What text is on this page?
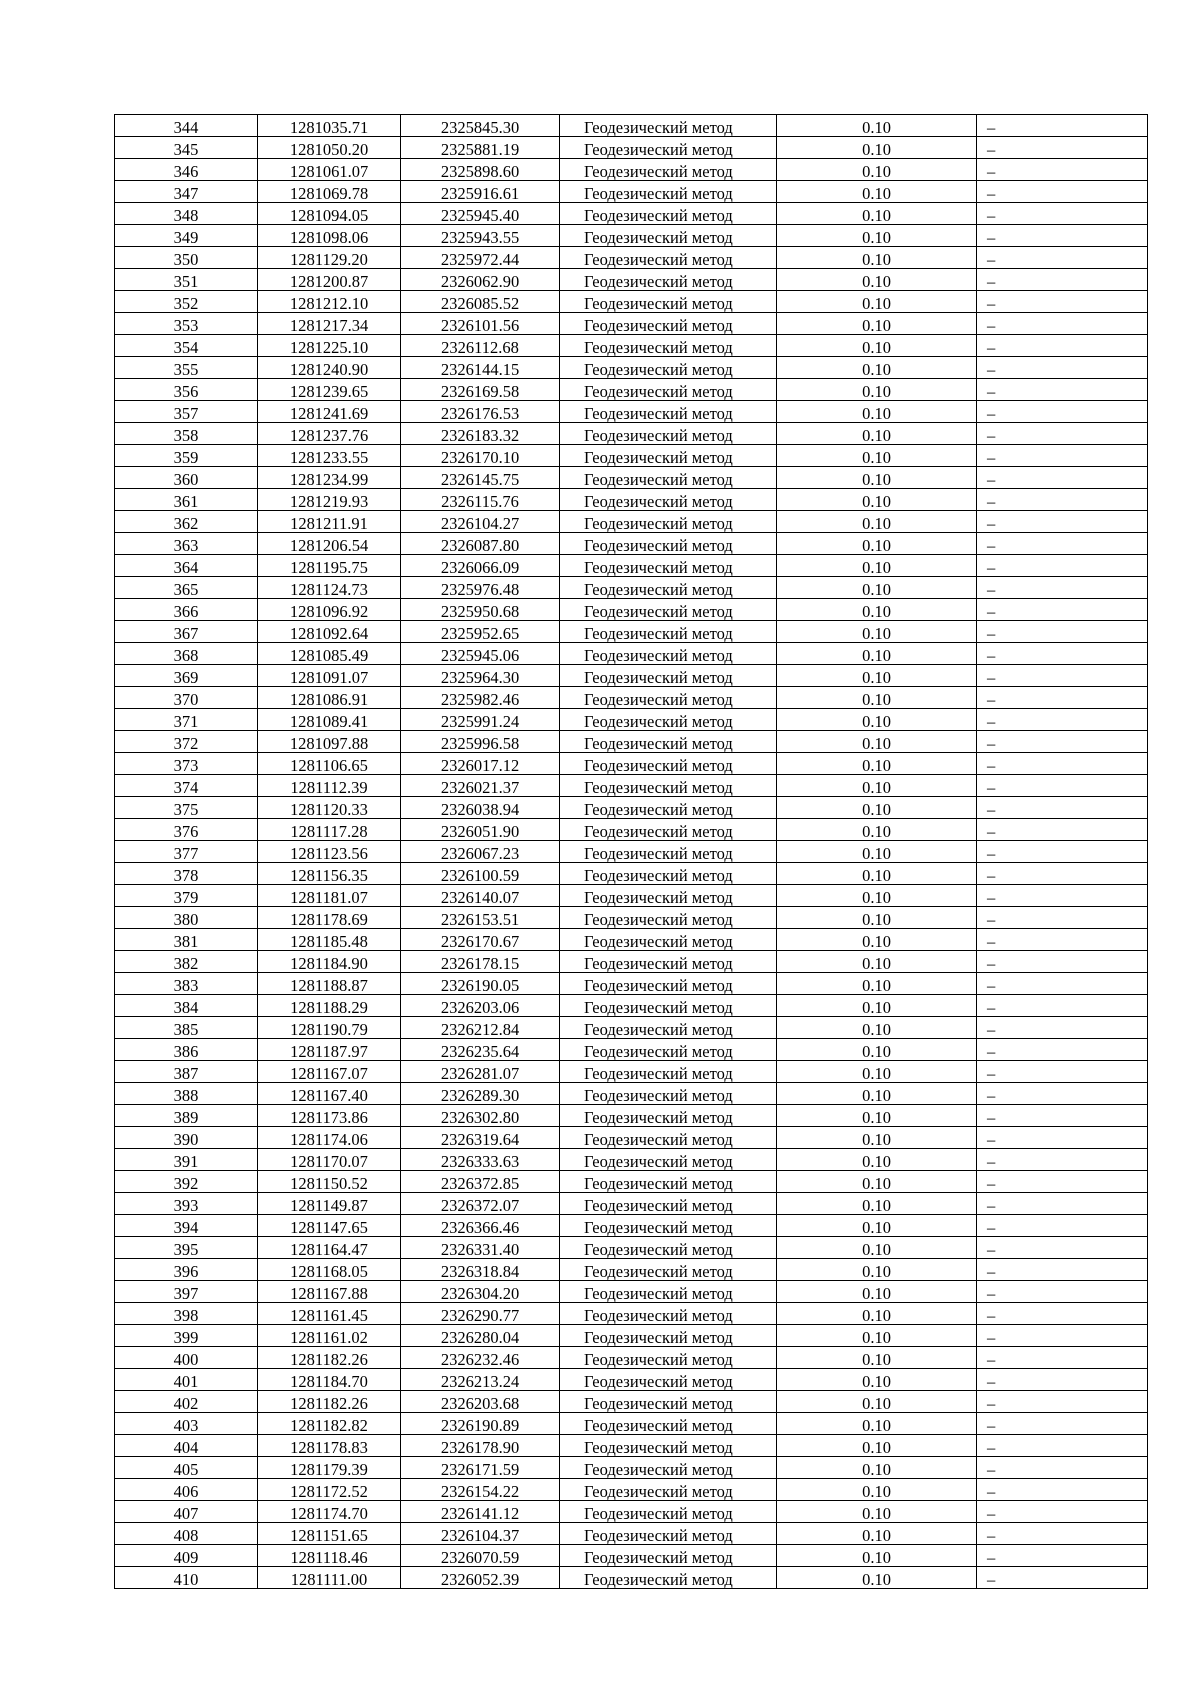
344	1281035.71	2325845.30	Геодезический метод	0.10	–
345	1281050.20	2325881.19	Геодезический метод	0.10	–
346	1281061.07	2325898.60	Геодезический метод	0.10	–
347	1281069.78	2325916.61	Геодезический метод	0.10	–
348	1281094.05	2325945.40	Геодезический метод	0.10	–
349	1281098.06	2325943.55	Геодезический метод	0.10	–
350	1281129.20	2325972.44	Геодезический метод	0.10	–
351	1281200.87	2326062.90	Геодезический метод	0.10	–
352	1281212.10	2326085.52	Геодезический метод	0.10	–
353	1281217.34	2326101.56	Геодезический метод	0.10	–
354	1281225.10	2326112.68	Геодезический метод	0.10	–
355	1281240.90	2326144.15	Геодезический метод	0.10	–
356	1281239.65	2326169.58	Геодезический метод	0.10	–
357	1281241.69	2326176.53	Геодезический метод	0.10	–
358	1281237.76	2326183.32	Геодезический метод	0.10	–
359	1281233.55	2326170.10	Геодезический метод	0.10	–
360	1281234.99	2326145.75	Геодезический метод	0.10	–
361	1281219.93	2326115.76	Геодезический метод	0.10	–
362	1281211.91	2326104.27	Геодезический метод	0.10	–
363	1281206.54	2326087.80	Геодезический метод	0.10	–
364	1281195.75	2326066.09	Геодезический метод	0.10	–
365	1281124.73	2325976.48	Геодезический метод	0.10	–
366	1281096.92	2325950.68	Геодезический метод	0.10	–
367	1281092.64	2325952.65	Геодезический метод	0.10	–
368	1281085.49	2325945.06	Геодезический метод	0.10	–
369	1281091.07	2325964.30	Геодезический метод	0.10	–
370	1281086.91	2325982.46	Геодезический метод	0.10	–
371	1281089.41	2325991.24	Геодезический метод	0.10	–
372	1281097.88	2325996.58	Геодезический метод	0.10	–
373	1281106.65	2326017.12	Геодезический метод	0.10	–
374	1281112.39	2326021.37	Геодезический метод	0.10	–
375	1281120.33	2326038.94	Геодезический метод	0.10	–
376	1281117.28	2326051.90	Геодезический метод	0.10	–
377	1281123.56	2326067.23	Геодезический метод	0.10	–
378	1281156.35	2326100.59	Геодезический метод	0.10	–
379	1281181.07	2326140.07	Геодезический метод	0.10	–
380	1281178.69	2326153.51	Геодезический метод	0.10	–
381	1281185.48	2326170.67	Геодезический метод	0.10	–
382	1281184.90	2326178.15	Геодезический метод	0.10	–
383	1281188.87	2326190.05	Геодезический метод	0.10	–
384	1281188.29	2326203.06	Геодезический метод	0.10	–
385	1281190.79	2326212.84	Геодезический метод	0.10	–
386	1281187.97	2326235.64	Геодезический метод	0.10	–
387	1281167.07	2326281.07	Геодезический метод	0.10	–
388	1281167.40	2326289.30	Геодезический метод	0.10	–
389	1281173.86	2326302.80	Геодезический метод	0.10	–
390	1281174.06	2326319.64	Геодезический метод	0.10	–
391	1281170.07	2326333.63	Геодезический метод	0.10	–
392	1281150.52	2326372.85	Геодезический метод	0.10	–
393	1281149.87	2326372.07	Геодезический метод	0.10	–
394	1281147.65	2326366.46	Геодезический метод	0.10	–
395	1281164.47	2326331.40	Геодезический метод	0.10	–
396	1281168.05	2326318.84	Геодезический метод	0.10	–
397	1281167.88	2326304.20	Геодезический метод	0.10	–
398	1281161.45	2326290.77	Геодезический метод	0.10	–
399	1281161.02	2326280.04	Геодезический метод	0.10	–
400	1281182.26	2326232.46	Геодезический метод	0.10	–
401	1281184.70	2326213.24	Геодезический метод	0.10	–
402	1281182.26	2326203.68	Геодезический метод	0.10	–
403	1281182.82	2326190.89	Геодезический метод	0.10	–
404	1281178.83	2326178.90	Геодезический метод	0.10	–
405	1281179.39	2326171.59	Геодезический метод	0.10	–
406	1281172.52	2326154.22	Геодезический метод	0.10	–
407	1281174.70	2326141.12	Геодезический метод	0.10	–
408	1281151.65	2326104.37	Геодезический метод	0.10	–
409	1281118.46	2326070.59	Геодезический метод	0.10	–
410	1281111.00	2326052.39	Геодезический метод	0.10	–
